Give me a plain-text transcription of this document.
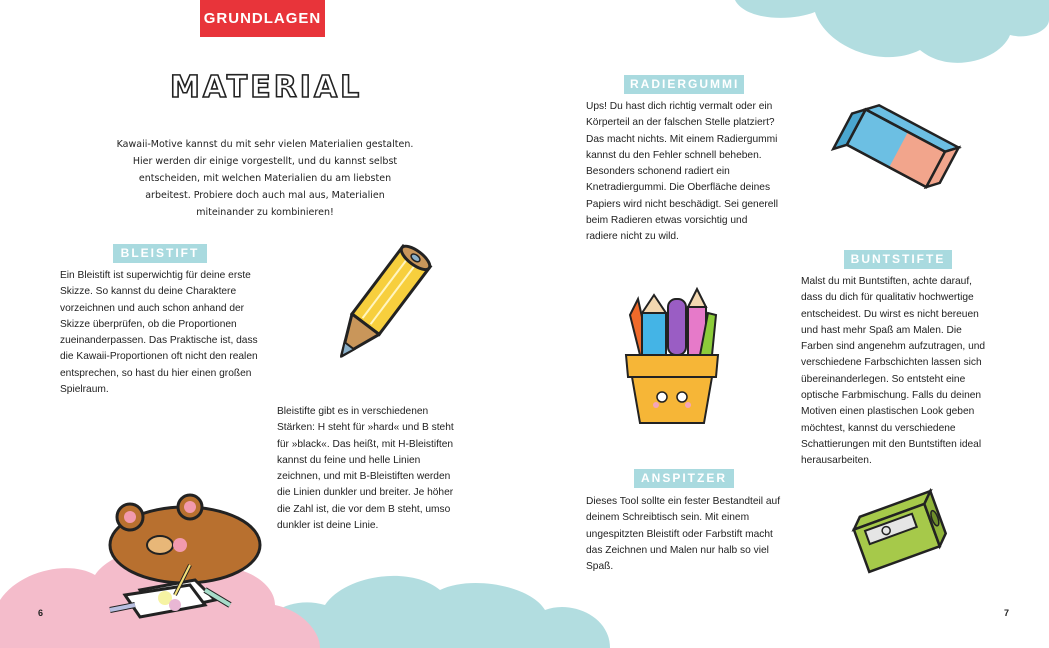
GRUNDLAGEN
MATERIAL
Kawaii-Motive kannst du mit sehr vielen Materialien gestalten. Hier werden dir einige vorgestellt, und du kannst selbst entscheiden, mit welchen Materialien du am liebsten arbeitest. Probiere doch auch mal aus, Materialien miteinander zu kombinieren!
BLEISTIFT
Ein Bleistift ist superwichtig für deine erste Skizze. So kannst du deine Charaktere vorzeichnen und auch schon anhand der Skizze überprüfen, ob die Proportionen zueinanderpassen. Das Praktische ist, dass die Kawaii-Proportionen oft nicht den realen entsprechen, so hast du hier einen großen Spielraum.
Bleistifte gibt es in verschiedenen Stärken: H steht für »hard« und B steht für »black«. Das heißt, mit H-Bleistiften kannst du feine und helle Linien zeichnen, und mit B-Bleistiften werden die Linien dunkler und breiter. Je höher die Zahl ist, die vor dem B steht, umso dunkler ist deine Linie.
RADIERGUMMI
Ups! Du hast dich richtig vermalt oder ein Körperteil an der falschen Stelle platziert? Das macht nichts. Mit einem Radiergummi kannst du den Fehler schnell beheben. Besonders schonend radiert ein Knetradiergummi. Die Oberfläche deines Papiers wird nicht beschädigt. Sei generell beim Radieren etwas vorsichtig und radiere nicht zu wild.
BUNTSTIFTE
Malst du mit Buntstiften, achte darauf, dass du dich für qualitativ hochwertige entscheidest. Du wirst es nicht bereuen und hast mehr Spaß am Malen. Die Farben sind angenehm aufzutragen, und verschiedene Farbschichten lassen sich übereinanderlegen. So entsteht eine optische Farbmischung. Falls du deinen Motiven einen plastischen Look geben möchtest, kannst du verschiedene Schattierungen mit den Buntstiften ideal herausarbeiten.
ANSPITZER
Dieses Tool sollte ein fester Bestandteil auf deinem Schreibtisch sein. Mit einem ungespitzten Bleistift oder Farbstift macht das Zeichnen und Malen nur halb so viel Spaß.
6	7
